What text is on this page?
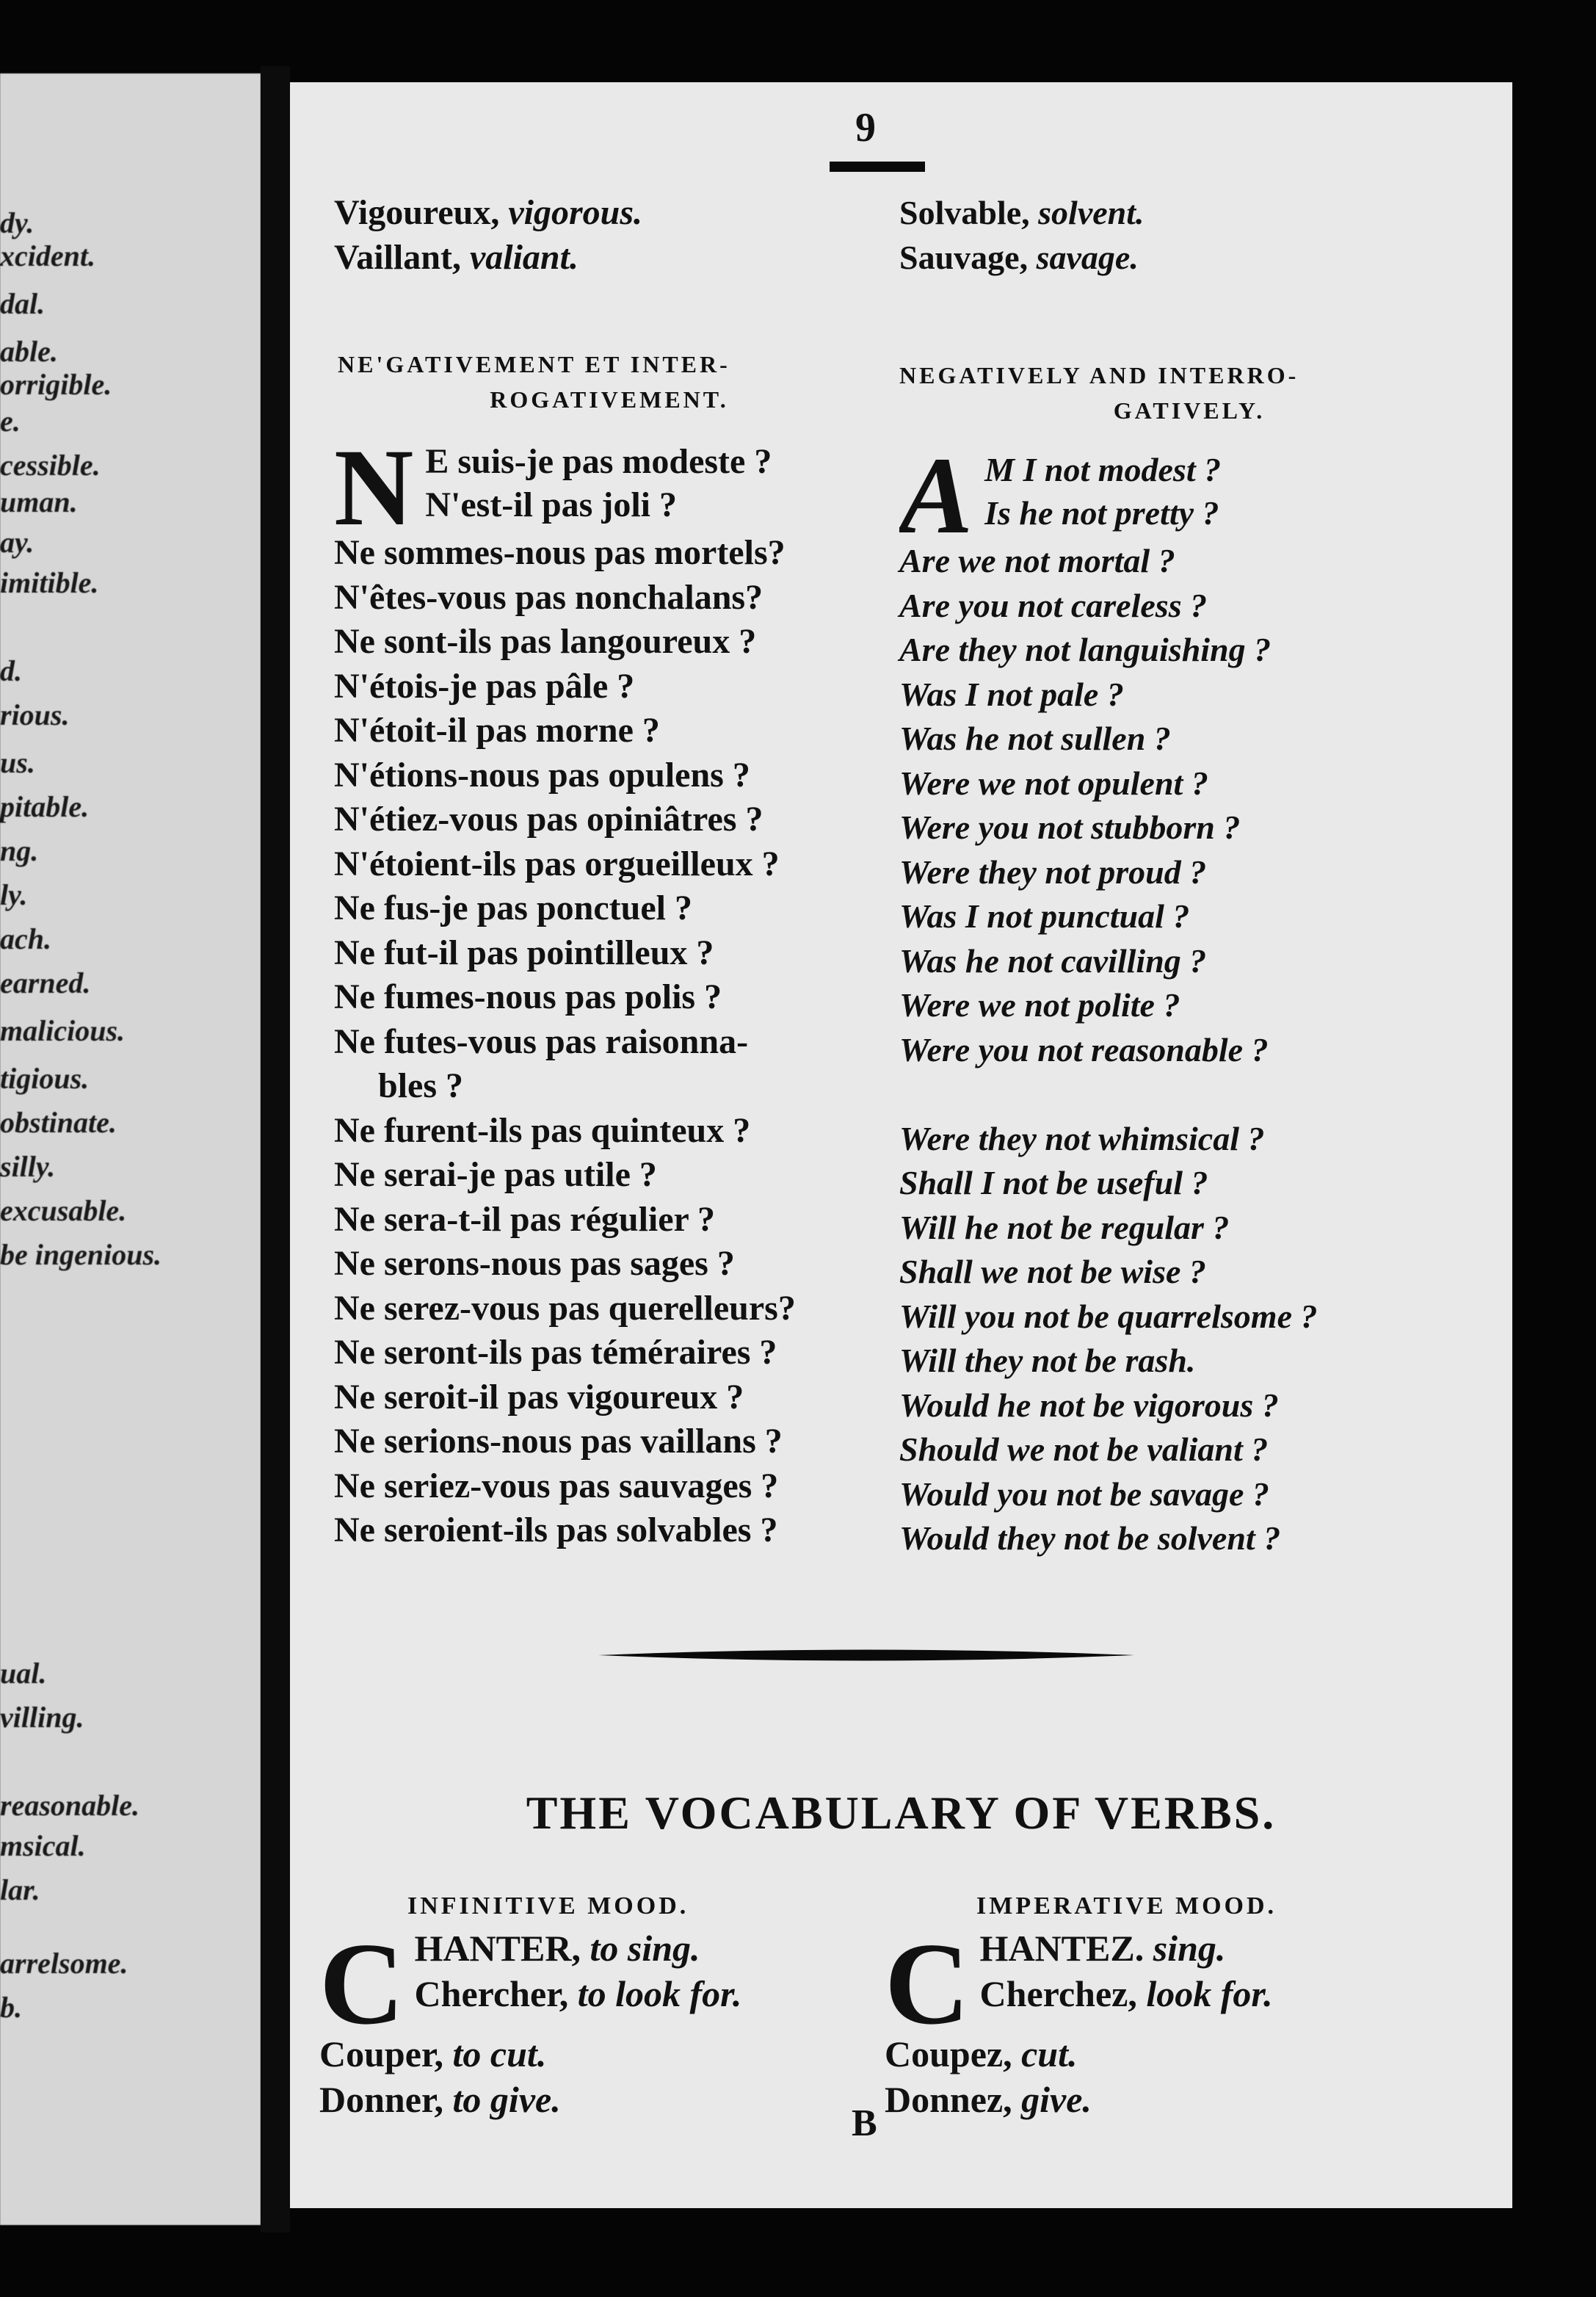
dy.
xcident.
dal.
able.
orrigible.
e.
cessible.
uman.
ay.
imitible.
d.
rious.
us.
pitable.
ng.
ly.
ach.
earned.
malicious.
tigious.
obstinate.
silly.
excusable.
be ingenious.
ual.
villing.
reasonable.
msical.
lar.
arrelsome.
b.
9
Vigoureux, vigorous.
Vaillant, valiant.
Solvable, solvent.
Sauvage, savage.
NE'GATIVEMENT ET INTER-
ROGATIVEMENT.
NEGATIVELY AND INTERRO-
GATIVELY.
N E suis-je pas modeste ?
N'est-il pas joli ?
Ne sommes-nous pas mortels?
N'êtes-vous pas nonchalans?
Ne sont-ils pas langoureux ?
N'étois-je pas pâle ?
N'étoit-il pas morne ?
N'étions-nous pas opulens ?
N'étiez-vous pas opiniâtres ?
N'étoient-ils pas orgueilleux ?
Ne fus-je pas ponctuel ?
Ne fut-il pas pointilleux ?
Ne fumes-nous pas polis ?
Ne futes-vous pas raisonna-
bles ?
Ne furent-ils pas quinteux ?
Ne serai-je pas utile ?
Ne sera-t-il pas régulier ?
Ne serons-nous pas sages ?
Ne serez-vous pas querelleurs?
Ne seront-ils pas téméraires ?
Ne seroit-il pas vigoureux ?
Ne serions-nous pas vaillans ?
Ne seriez-vous pas sauvages ?
Ne seroient-ils pas solvables ?
A M I not modest ?
Is he not pretty ?
Are we not mortal ?
Are you not careless ?
Are they not languishing ?
Was I not pale ?
Was he not sullen ?
Were we not opulent ?
Were you not stubborn ?
Were they not proud ?
Was I not punctual ?
Was he not cavilling ?
Were we not polite ?
Were you not reasonable ?
Were they not whimsical ?
Shall I not be useful ?
Will he not be regular ?
Shall we not be wise ?
Will you not be quarrelsome ?
Will they not be rash.
Would he not be vigorous ?
Should we not be valiant ?
Would you not be savage ?
Would they not be solvent ?
THE VOCABULARY OF VERBS.
INFINITIVE MOOD.	IMPERATIVE MOOD.
C HANTER, to sing.
Chercher, to look for.
Couper, to cut.
Donner, to give.
C HANTEZ. sing.
Cherchez, look for.
Coupez, cut.
Donnez, give.
B
